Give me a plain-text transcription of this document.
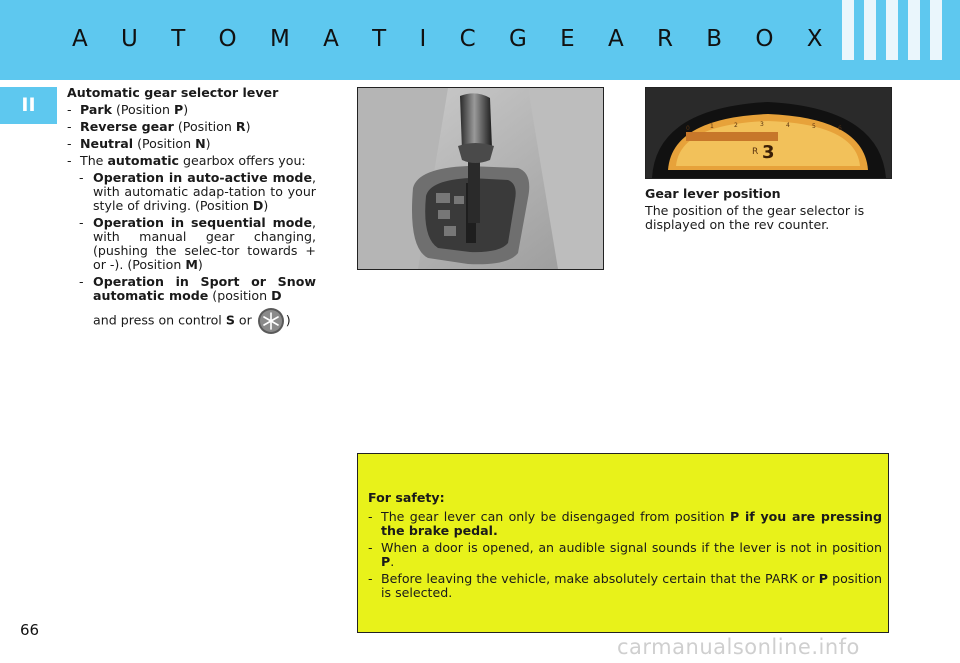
A U T O M A T I C G E A R B O X
II
Automatic gear selector lever
- Park (Position P)
- Reverse gear (Position R)
- Neutral (Position N)
- The automatic gearbox offers you:
- Operation in auto-active mode, with automatic adap-tation to your style of driving. (Position D)
- Operation in sequential mode, with manual gear changing, (pushing the selec-tor towards + or -). (Position M)
- Operation in Sport or Snow automatic mode (position D
and press on control S or )
0	1	2	3	4	5	6
R 3
Gear lever position
The position of the gear selector is displayed on the rev counter.
For safety:
- The gear lever can only be disengaged from position P if you are pressing the brake pedal.
- When a door is opened, an audible signal sounds if the lever is not in position P.
- Before leaving the vehicle, make absolutely certain that the PARK or P position is selected.
66
carmanualsonline.info
